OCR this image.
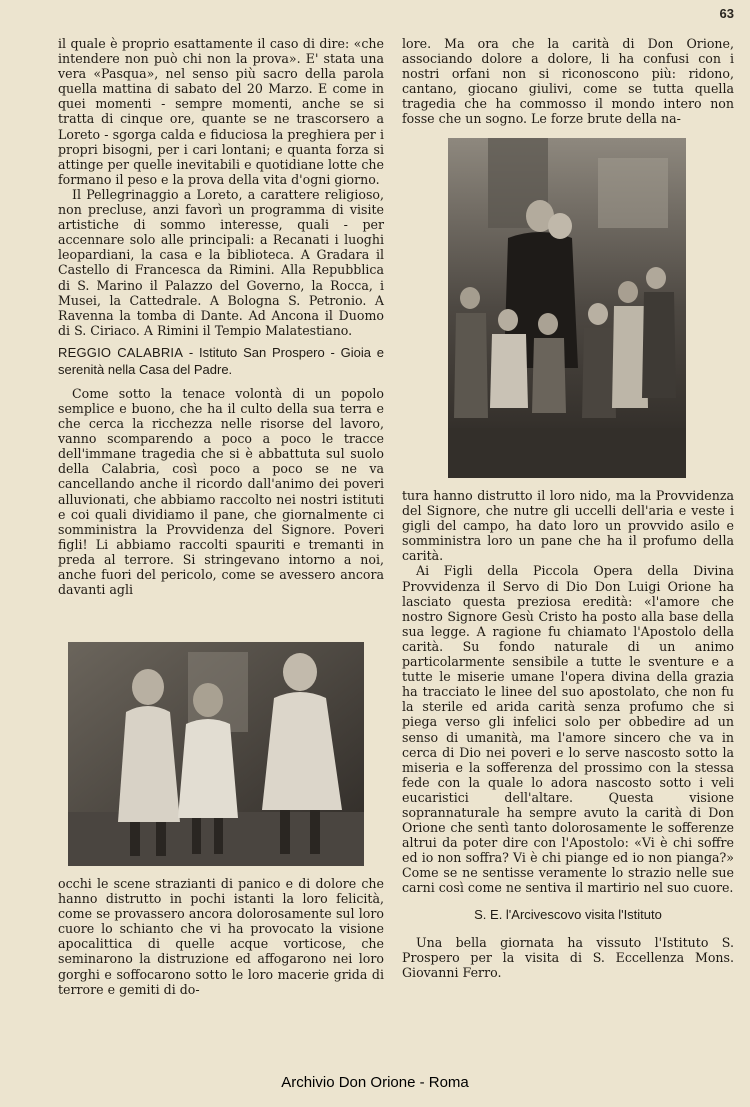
63

il quale è proprio esattamente il caso di dire: «che intendere non può chi non la prova». E' stata una vera «Pasqua», nel senso più sacro della parola quella mattina di sabato del 20 Marzo. E come in quei momenti - sempre momenti, anche se si tratta di cinque ore, quante se ne trascorsero a Loreto - sgorga calda e fiduciosa la preghiera per i propri bisogni, per i cari lontani; e quanta forza si attinge per quelle inevitabili e quotidiane lotte che formano il peso e la prova della vita d'ogni giorno.

Il Pellegrinaggio a Loreto, a carattere religioso, non precluse, anzi favorì un programma di visite artistiche di sommo interesse, quali - per accennare solo alle principali: a Recanati i luoghi leopardiani, la casa e la biblioteca. A Gradara il Castello di Francesca da Rimini. Alla Repubblica di S. Marino il Palazzo del Governo, la Rocca, i Musei, la Cattedrale. A Bologna S. Petronio. A Ravenna la tomba di Dante. Ad Ancona il Duomo di S. Ciriaco. A Rimini il Tempio Malatestiano.

REGGIO CALABRIA - Istituto San Prospero - Gioia e serenità nella Casa del Padre.

Come sotto la tenace volontà di un popolo semplice e buono, che ha il culto della sua terra e che cerca la ricchezza nelle risorse del lavoro, vanno scomparendo a poco a poco le tracce dell'immane tragedia che si è abbattuta sul suolo della Calabria, così poco a poco se ne va cancellando anche il ricordo dall'animo dei poveri alluvionati, che abbiamo raccolto nei nostri istituti e coi quali dividiamo il pane, che giornalmente ci somministra la Provvidenza del Signore. Poveri figli! Li abbiamo raccolti spauriti e tremanti in preda al terrore. Si stringevano intorno a noi, anche fuori del pericolo, come se avessero ancora davanti agli

occhi le scene strazianti di panico e di dolore che hanno distrutto in pochi istanti la loro felicità, come se provassero ancora dolorosamente sul loro cuore lo schianto che vi ha provocato la visione apocalittica di quelle acque vorticose, che seminarono la distruzione ed affogarono nei loro gorghi e soffocarono sotto le loro macerie grida di terrore e gemiti di do-

lore. Ma ora che la carità di Don Orione, associando dolore a dolore, li ha confusi con i nostri orfani non si riconoscono più: ridono, cantano, giocano giulivi, come se tutta quella tragedia che ha commosso il mondo intero non fosse che un sogno. Le forze brute della na-

tura hanno distrutto il loro nido, ma la Provvidenza del Signore, che nutre gli uccelli dell'aria e veste i gigli del campo, ha dato loro un provvido asilo e somministra loro un pane che ha il profumo della carità.

Ai Figli della Piccola Opera della Divina Provvidenza il Servo di Dio Don Luigi Orione ha lasciato questa preziosa eredità: «l'amore che nostro Signore Gesù Cristo ha posto alla base della sua legge. A ragione fu chiamato l'Apostolo della carità. Su fondo naturale di un animo particolarmente sensibile a tutte le sventure e a tutte le miserie umane l'opera divina della grazia ha tracciato le linee del suo apostolato, che non fu la sterile ed arida carità senza profumo che si piega verso gli infelici solo per obbedire ad un senso di umanità, ma l'amore sincero che va in cerca di Dio nei poveri e lo serve nascosto sotto la miseria e la sofferenza del prossimo con la stessa fede con la quale lo adora nascosto sotto i veli eucaristici dell'altare. Questa visione soprannaturale ha sempre avuto la carità di Don Orione che sentì tanto dolorosamente le sofferenze altrui da poter dire con l'Apostolo: «Vi è chi soffre ed io non soffra? Vi è chi piange ed io non pianga?» Come se ne sentisse veramente lo strazio nelle sue carni così come ne sentiva il martirio nel suo cuore.

S. E. l'Arcivescovo visita l'Istituto

Una bella giornata ha vissuto l'Istituto S. Prospero per la visita di S. Eccellenza Mons. Giovanni Ferro.

Archivio Don Orione - Roma
